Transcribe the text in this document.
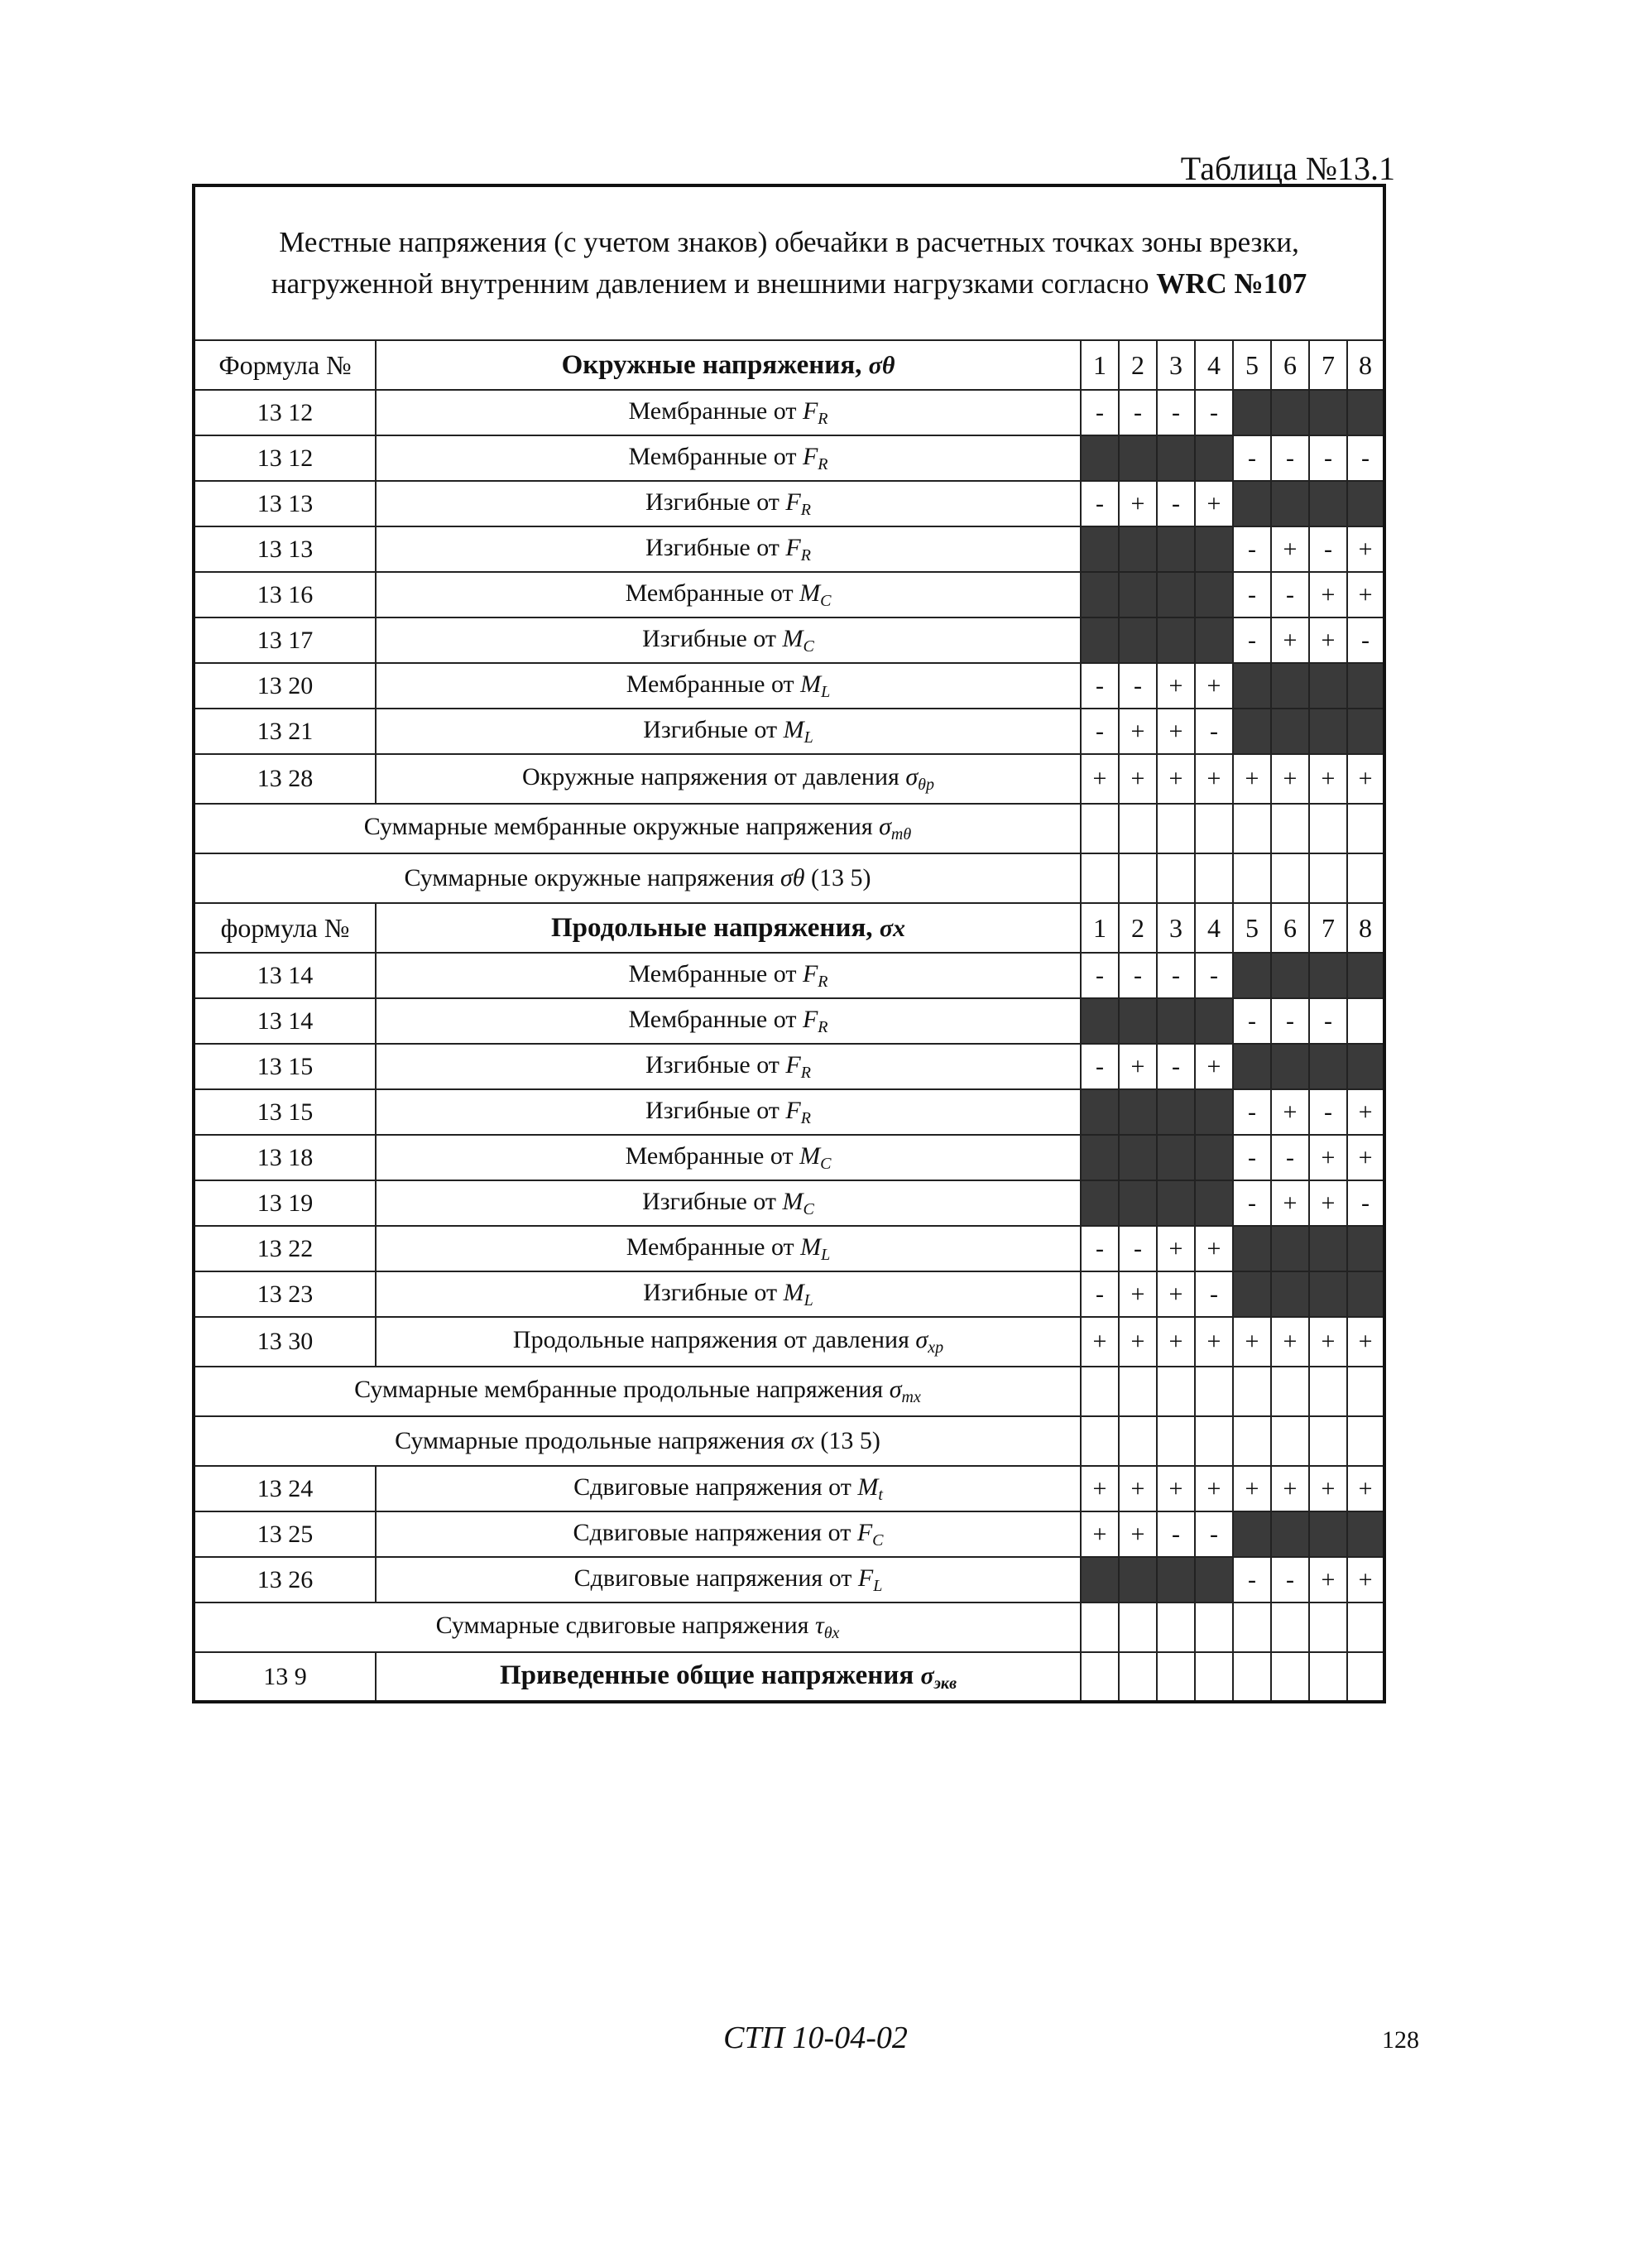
Таблица №13.1
Местные напряжения (с учетом знаков) обечайки в расчетных точках зоны врезки,
нагруженной внутренним давлением и внешними нагрузками согласно WRC №107									

Формула №	Окружные напряжения, σθ	1	2	3	4	5	6	7	8
13 12	Мембранные от $F_R$	-	-	-	-				
13 12	Мембранные от $F_R$					-	-	-	-
13 13	Изгибные от $F_R$	-	+	-	+				
13 13	Изгибные от $F_R$					-	+	-	+
13 16	Мембранные от $M_C$					-	-	+	+
13 17	Изгибные от $M_C$					-	+	+	-
13 20	Мембранные от $M_L$	-	-	+	+				
13 21	Изгибные от $M_L$	-	+	+	-				
13 28	Окружные напряжения от давления $\sigma_{\theta p}$	+	+	+	+	+	+	+	+
Суммарные мембранные окружные напряжения $\sigma_{m\theta}$								
Суммарные окружные напряжения σθ (13 5)									
формула №	Продольные напряжения, σx	1	2	3	4	5	6	7	8
13 14	Мембранные от $F_R$	-	-	-	-				
13 14	Мембранные от $F_R$					-	-	-	
13 15	Изгибные от $F_R$	-	+	-	+				
13 15	Изгибные от $F_R$					-	+	-	+
13 18	Мембранные от $M_C$					-	-	+	+
13 19	Изгибные от $M_C$					-	+	+	-
13 22	Мембранные от $M_L$	-	-	+	+				
13 23	Изгибные от $M_L$	-	+	+	-				
13 30	Продольные напряжения от давления $\sigma_{xp}$	+	+	+	+	+	+	+	+
Суммарные мембранные продольные напряжения $\sigma_{mx}$								
Суммарные продольные напряжения σx (13 5)									
13 24	Сдвиговые напряжения от $M_t$	+	+	+	+	+	+	+	+
13 25	Сдвиговые напряжения от $F_C$	+	+	-	-				
13 26	Сдвиговые напряжения от $F_L$					-	-	+	+
Суммарные сдвиговые напряжения $\tau_{\theta x}$								
13 9	Приведенные общие напряжения $\sigma_{экв}$								
СТП 10-04-02	128
